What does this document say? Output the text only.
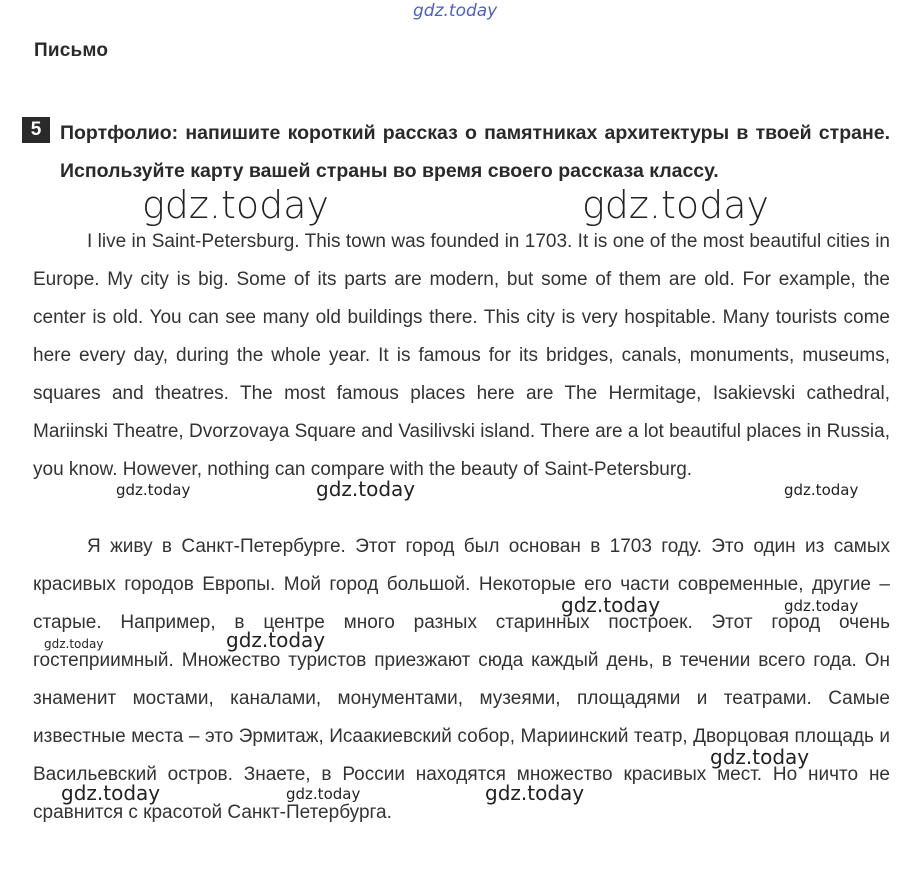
gdz.today
Письмо
5 Портфолио: напишите короткий рассказ о памятниках архитектуры в твоей стране. Используйте карту вашей страны во время своего рассказа классу.

I live in Saint-Petersburg. This town was founded in 1703. It is one of the most beautiful cities in Europe. My city is big. Some of its parts are modern, but some of them are old. For example, the center is old. You can see many old buildings there. This city is very hospitable. Many tourists come here every day, during the whole year. It is famous for its bridges, canals, monuments, museums, squares and theatres. The most famous places here are The Hermitage, Isakievski cathedral, Mariinski Theatre, Dvorzovaya Square and Vasilivski island. There are a lot beautiful places in Russia, you know. However, nothing can compare with the beauty of Saint-Petersburg.

Я живу в Санкт-Петербурге. Этот город был основан в 1703 году. Это один из самых красивых городов Европы. Мой город большой. Некоторые его части современные, другие – старые. Например, в центре много разных старинных построек. Этот город очень гостеприимный. Множество туристов приезжают сюда каждый день, в течении всего года. Он знаменит мостами, каналами, монументами, музеями, площадями и театрами. Самые известные места – это Эрмитаж, Исаакиевский собор, Мариинский театр, Дворцовая площадь и Васильевский остров. Знаете, в России находятся множество красивых мест. Но ничто не сравнится с красотой Санкт-Петербурга.

gdz.today	gdz.today
gdz.today	gdz.today	gdz.today
gdz.today	gdz.today
gdz.today	gdz.today
gdz.today
gdz.today	gdz.today	gdz.today
